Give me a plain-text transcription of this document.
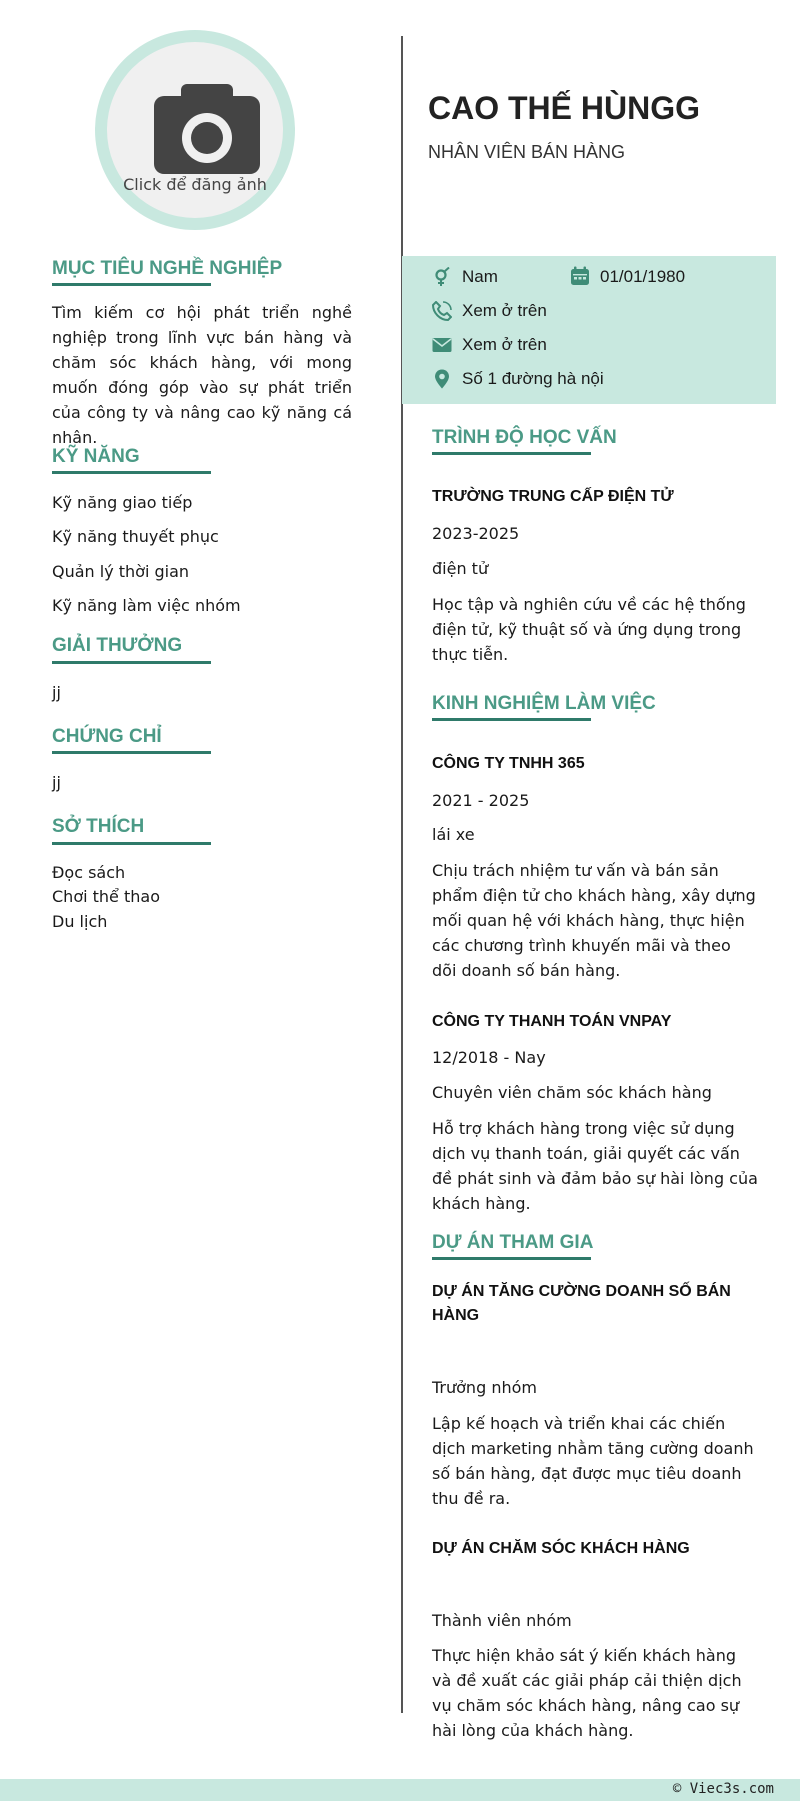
Click để đăng ảnh
MỤC TIÊU NGHỀ NGHIỆP
Tìm kiếm cơ hội phát triển nghề nghiệp trong lĩnh vực bán hàng và chăm sóc khách hàng, với mong muốn đóng góp vào sự phát triển của công ty và nâng cao kỹ năng cá nhân.
KỸ NĂNG
Kỹ năng giao tiếp
Kỹ năng thuyết phục
Quản lý thời gian
Kỹ năng làm việc nhóm
GIẢI THƯỞNG
jj
CHỨNG CHỈ
jj
SỞ THÍCH
Đọc sách
Chơi thể thao
Du lịch
CAO THẾ HÙNGG
NHÂN VIÊN BÁN HÀNG
Nam	01/01/1980
Xem ở trên
Xem ở trên
Số 1 đường hà nội
TRÌNH ĐỘ HỌC VẤN
TRƯỜNG TRUNG CẤP ĐIỆN TỬ
2023-2025
điện tử
Học tập và nghiên cứu về các hệ thống điện tử, kỹ thuật số và ứng dụng trong thực tiễn.
KINH NGHIỆM LÀM VIỆC
CÔNG TY TNHH 365
2021 - 2025
lái xe
Chịu trách nhiệm tư vấn và bán sản phẩm điện tử cho khách hàng, xây dựng mối quan hệ với khách hàng, thực hiện các chương trình khuyến mãi và theo dõi doanh số bán hàng.
CÔNG TY THANH TOÁN VNPAY
12/2018 - Nay
Chuyên viên chăm sóc khách hàng
Hỗ trợ khách hàng trong việc sử dụng dịch vụ thanh toán, giải quyết các vấn đề phát sinh và đảm bảo sự hài lòng của khách hàng.
DỰ ÁN THAM GIA
DỰ ÁN TĂNG CƯỜNG DOANH SỐ BÁN HÀNG
Trưởng nhóm
Lập kế hoạch và triển khai các chiến dịch marketing nhằm tăng cường doanh số bán hàng, đạt được mục tiêu doanh thu đề ra.
DỰ ÁN CHĂM SÓC KHÁCH HÀNG
Thành viên nhóm
Thực hiện khảo sát ý kiến khách hàng và đề xuất các giải pháp cải thiện dịch vụ chăm sóc khách hàng, nâng cao sự hài lòng của khách hàng.
© Viec3s.com
